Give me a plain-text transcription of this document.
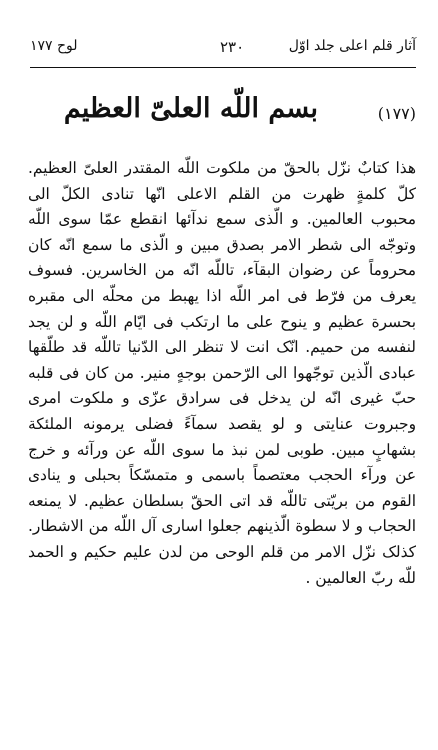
لوح ۱۷۷	۲۳۰	آثار قلم اعلی جلد اوّل
(۱۷۷)
بسم اللّه العلیّ العظیم
هذا کتابٌ نزّل بالحقّ من ملکوت اللّه المقتدر العلیّ العظیم.
کلّ کلمةٍ ظهرت من القلم الاعلی انّها تنادی الکلّ الی
محبوب العالمین. و الّذی سمع ندآئها انقطع عمّا سوی اللّه
وتوجّه الی شطر الامر بصدق مبین و الّذی ما سمع انّه کان
محروماً عن رضوان البقآء، تاللّه انّه من الخاسرین. فسوف
یعرف من فرّط فی امر اللّه اذا یهبط من محلّه الی مقبره
بحسرة عظیم و ینوح علی ما ارتکب فی ایّام اللّه و لن یجد
لنفسه من حمیم. انّک انت لا تنظر الی الدّنیا تاللّه قد طلّقها
عبادی الّذین توجّهوا الی الرّحمن بوجهٍ منیر. من کان فی قلبه
حبّ غیری انّه لن یدخل فی سرادق عزّی و ملکوت امری
وجبروت عنایتی و لو یقصد سمآءً فضلی یرمونه الملئکة
بشهابٍ مبین. طوبی لمن نبذ ما سوی اللّه عن ورآئه و خرج
عن ورآء الحجب معتصماً باسمی و متمسّکاً بحبلی و ینادی
القوم من بریّتی تاللّه قد اتی الحقّ بسلطان عظیم. لا یمنعه
الحجاب و لا سطوة الّذینهم جعلوا اساری آل اللّه من الاشطار.
کذلک نزّل الامر من قلم الوحی من لدن علیم حکیم و الحمد
للّه ربّ العالمین .
